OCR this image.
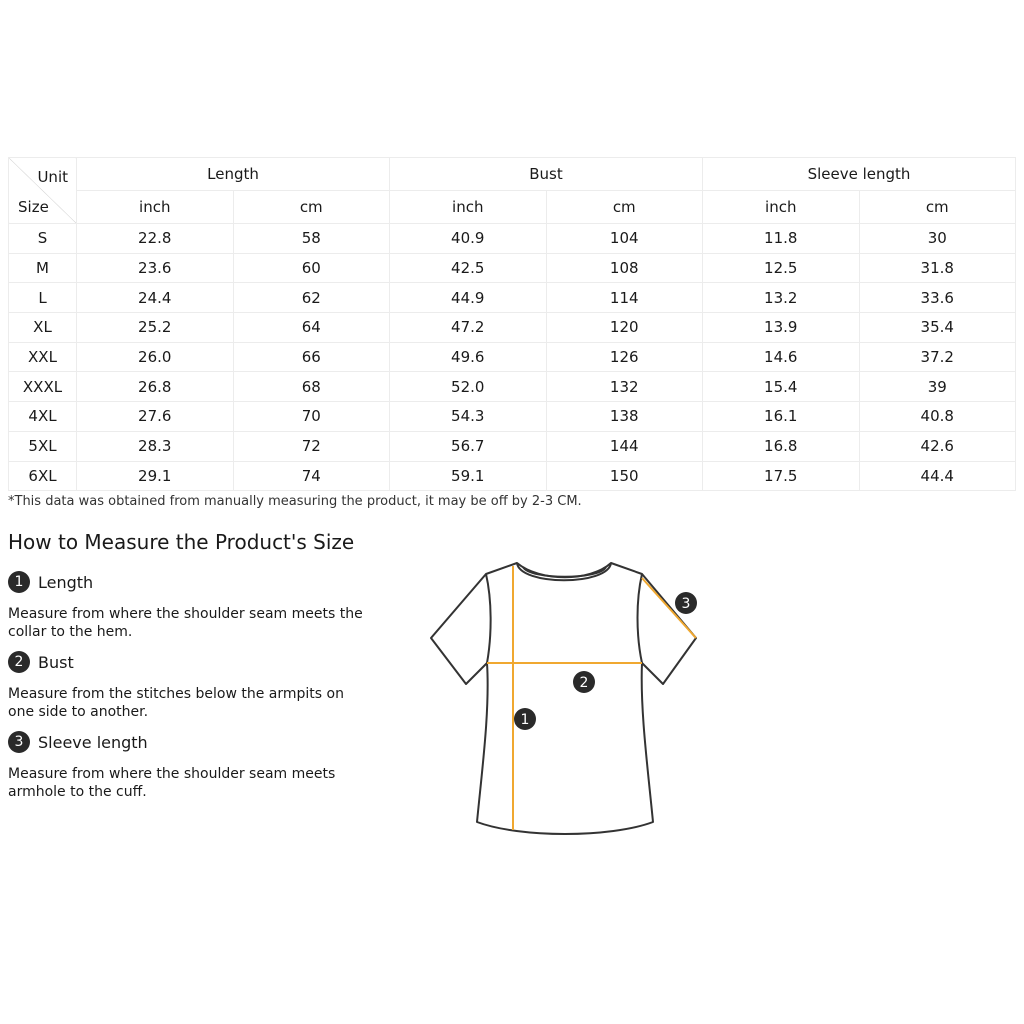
Unit
Size	Length		Bust		Sleeve length	
	inch	cm	inch	cm	inch	cm
S	22.8	58	40.9	104	11.8	30
M	23.6	60	42.5	108	12.5	31.8
L	24.4	62	44.9	114	13.2	33.6
XL	25.2	64	47.2	120	13.9	35.4
XXL	26.0	66	49.6	126	14.6	37.2
XXXL	26.8	68	52.0	132	15.4	39
4XL	27.6	70	54.3	138	16.1	40.8
5XL	28.3	72	56.7	144	16.8	42.6
6XL	29.1	74	59.1	150	17.5	44.4
*This data was obtained from manually measuring the product, it may be off by 2-3 CM.
How to Measure the Product's Size
1 Length
Measure from where the shoulder seam meets the collar to the hem.
2 Bust
Measure from the stitches below the armpits on one side to another.
3 Sleeve length
Measure from where the shoulder seam meets armhole to the cuff.
1
2
3
